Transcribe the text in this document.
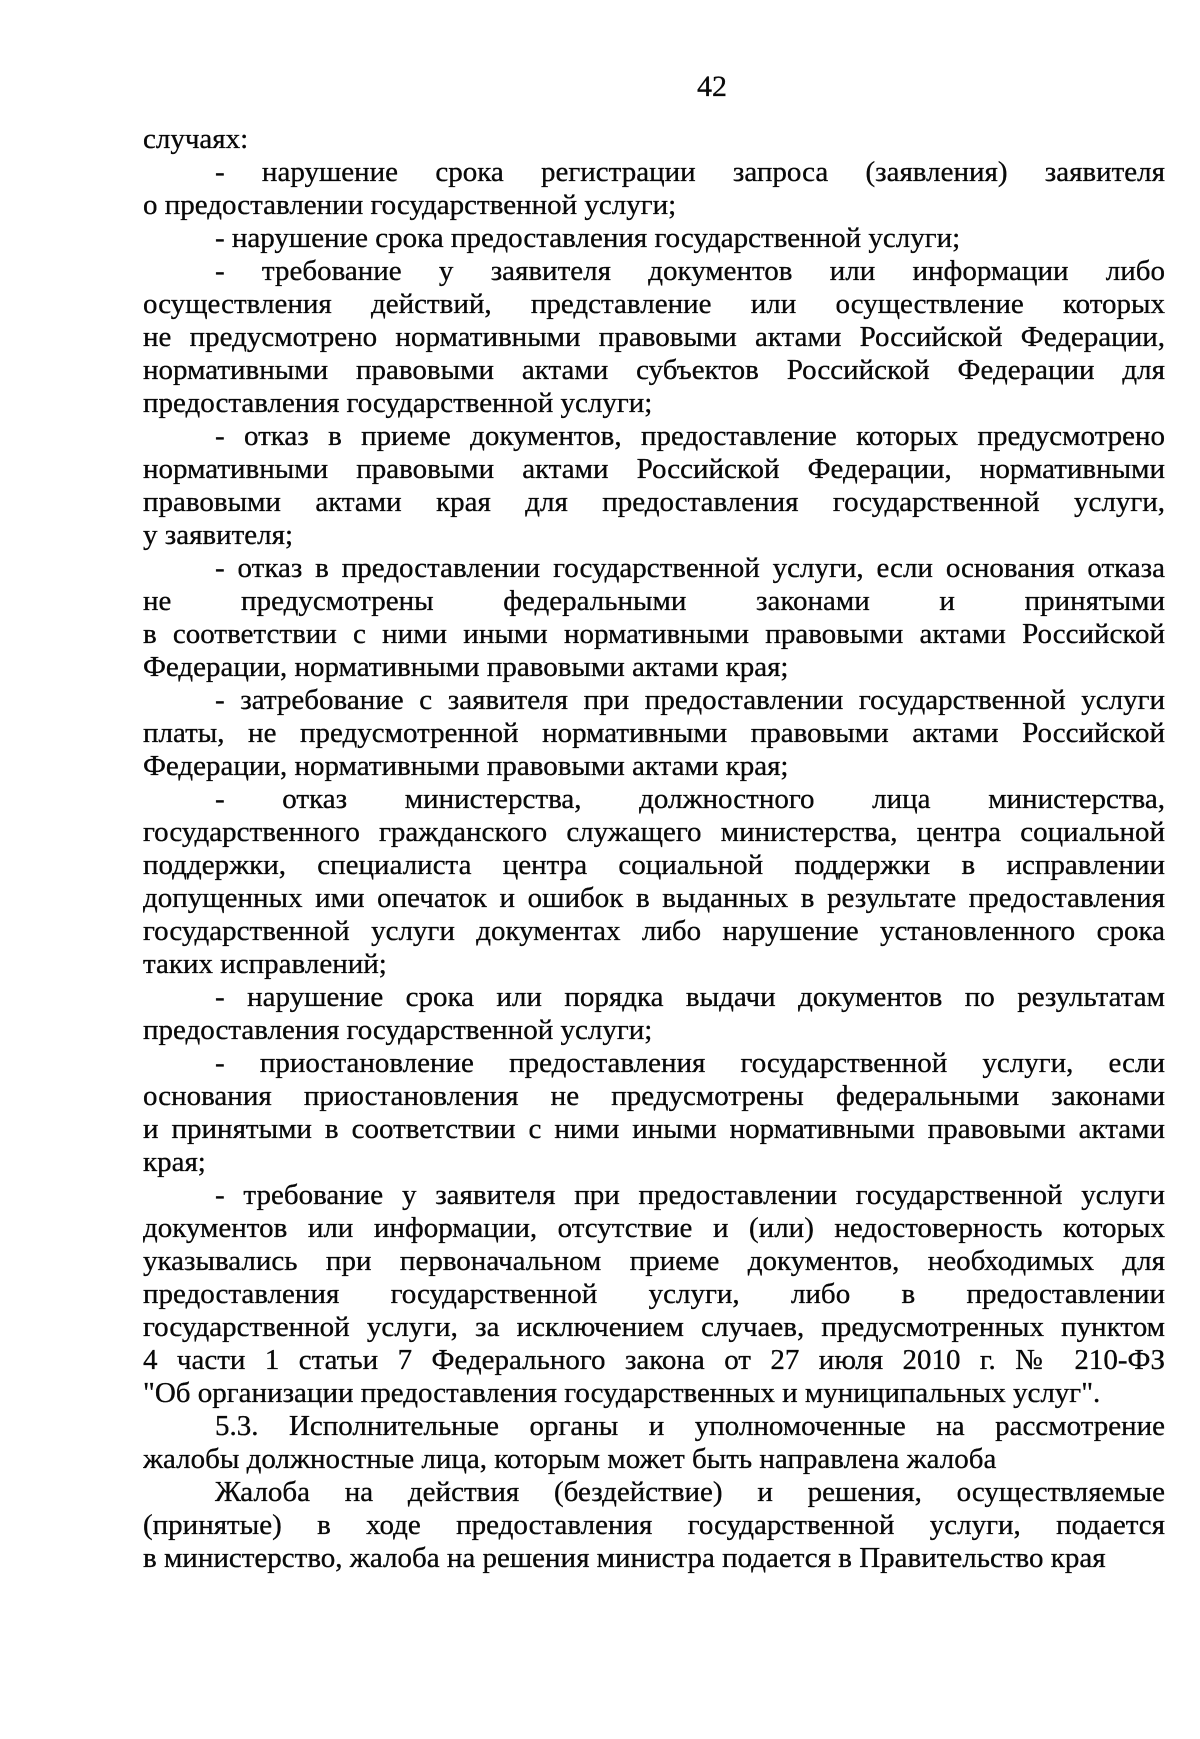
42
случаях:
- нарушение срока регистрации запроса (заявления) заявителя
о предоставлении государственной услуги;
- нарушение срока предоставления государственной услуги;
- требование у заявителя документов или информации либо
осуществления действий, представление или осуществление которых
не предусмотрено нормативными правовыми актами Российской Федерации,
нормативными правовыми актами субъектов Российской Федерации для
предоставления государственной услуги;
- отказ в приеме документов, предоставление которых предусмотрено
нормативными правовыми актами Российской Федерации, нормативными
правовыми актами края для предоставления государственной услуги,
у заявителя;
- отказ в предоставлении государственной услуги, если основания отказа
не предусмотрены федеральными законами и принятыми
в соответствии с ними иными нормативными правовыми актами Российской
Федерации, нормативными правовыми актами края;
- затребование с заявителя при предоставлении государственной услуги
платы, не предусмотренной нормативными правовыми актами Российской
Федерации, нормативными правовыми актами края;
- отказ министерства, должностного лица министерства,
государственного гражданского служащего министерства, центра социальной
поддержки, специалиста центра социальной поддержки в исправлении
допущенных ими опечаток и ошибок в выданных в результате предоставления
государственной услуги документах либо нарушение установленного срока
таких исправлений;
- нарушение срока или порядка выдачи документов по результатам
предоставления государственной услуги;
- приостановление предоставления государственной услуги, если
основания приостановления не предусмотрены федеральными законами
и принятыми в соответствии с ними иными нормативными правовыми актами
края;
- требование у заявителя при предоставлении государственной услуги
документов или информации, отсутствие и (или) недостоверность которых
указывались при первоначальном приеме документов, необходимых для
предоставления государственной услуги, либо в предоставлении
государственной услуги, за исключением случаев, предусмотренных пунктом
4 части 1 статьи 7 Федерального закона от 27 июля 2010 г. № 210-ФЗ
"Об организации предоставления государственных и муниципальных услуг".
5.3. Исполнительные органы и уполномоченные на рассмотрение
жалобы должностные лица, которым может быть направлена жалоба
Жалоба на действия (бездействие) и решения, осуществляемые
(принятые) в ходе предоставления государственной услуги, подается
в министерство, жалоба на решения министра подается в Правительство края
